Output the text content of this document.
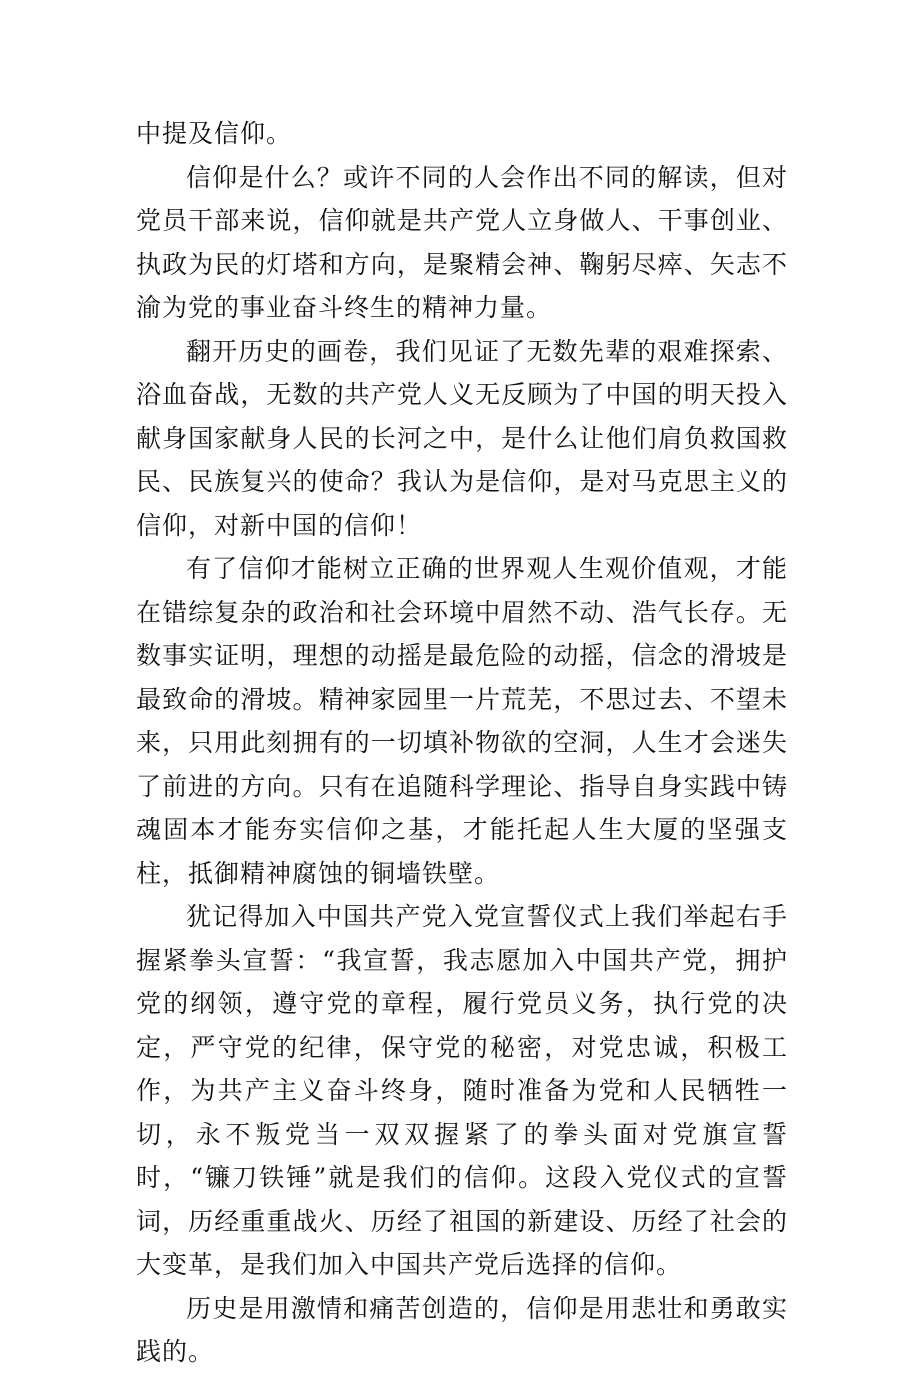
中提及信仰。

信仰是什么？或许不同的人会作出不同的解读，但对党员干部来说，信仰就是共产党人立身做人、干事创业、执政为民的灯塔和方向，是聚精会神、鞠躬尽瘁、矢志不渝为党的事业奋斗终生的精神力量。

翻开历史的画卷，我们见证了无数先辈的艰难探索、浴血奋战，无数的共产党人义无反顾为了中国的明天投入献身国家献身人民的长河之中，是什么让他们肩负救国救民、民族复兴的使命？我认为是信仰，是对马克思主义的信仰，对新中国的信仰！

有了信仰才能树立正确的世界观人生观价值观，才能在错综复杂的政治和社会环境中眉然不动、浩气长存。无数事实证明，理想的动摇是最危险的动摇，信念的滑坡是最致命的滑坡。精神家园里一片荒芜，不思过去、不望未来，只用此刻拥有的一切填补物欲的空洞，人生才会迷失了前进的方向。只有在追随科学理论、指导自身实践中铸魂固本才能夯实信仰之基，才能托起人生大厦的坚强支柱，抵御精神腐蚀的铜墙铁壁。

犹记得加入中国共产党入党宣誓仪式上我们举起右手握紧拳头宣誓：“我宣誓，我志愿加入中国共产党，拥护党的纲领，遵守党的章程，履行党员义务，执行党的决定，严守党的纪律，保守党的秘密，对党忠诚，积极工作，为共产主义奋斗终身，随时准备为党和人民牺牲一切，永不叛党当一双双握紧了的拳头面对党旗宣誓时，“镰刀铁锤”就是我们的信仰。这段入党仪式的宣誓词，历经重重战火、历经了祖国的新建设、历经了社会的大变革，是我们加入中国共产党后选择的信仰。

历史是用激情和痛苦创造的，信仰是用悲壮和勇敢实践的。
